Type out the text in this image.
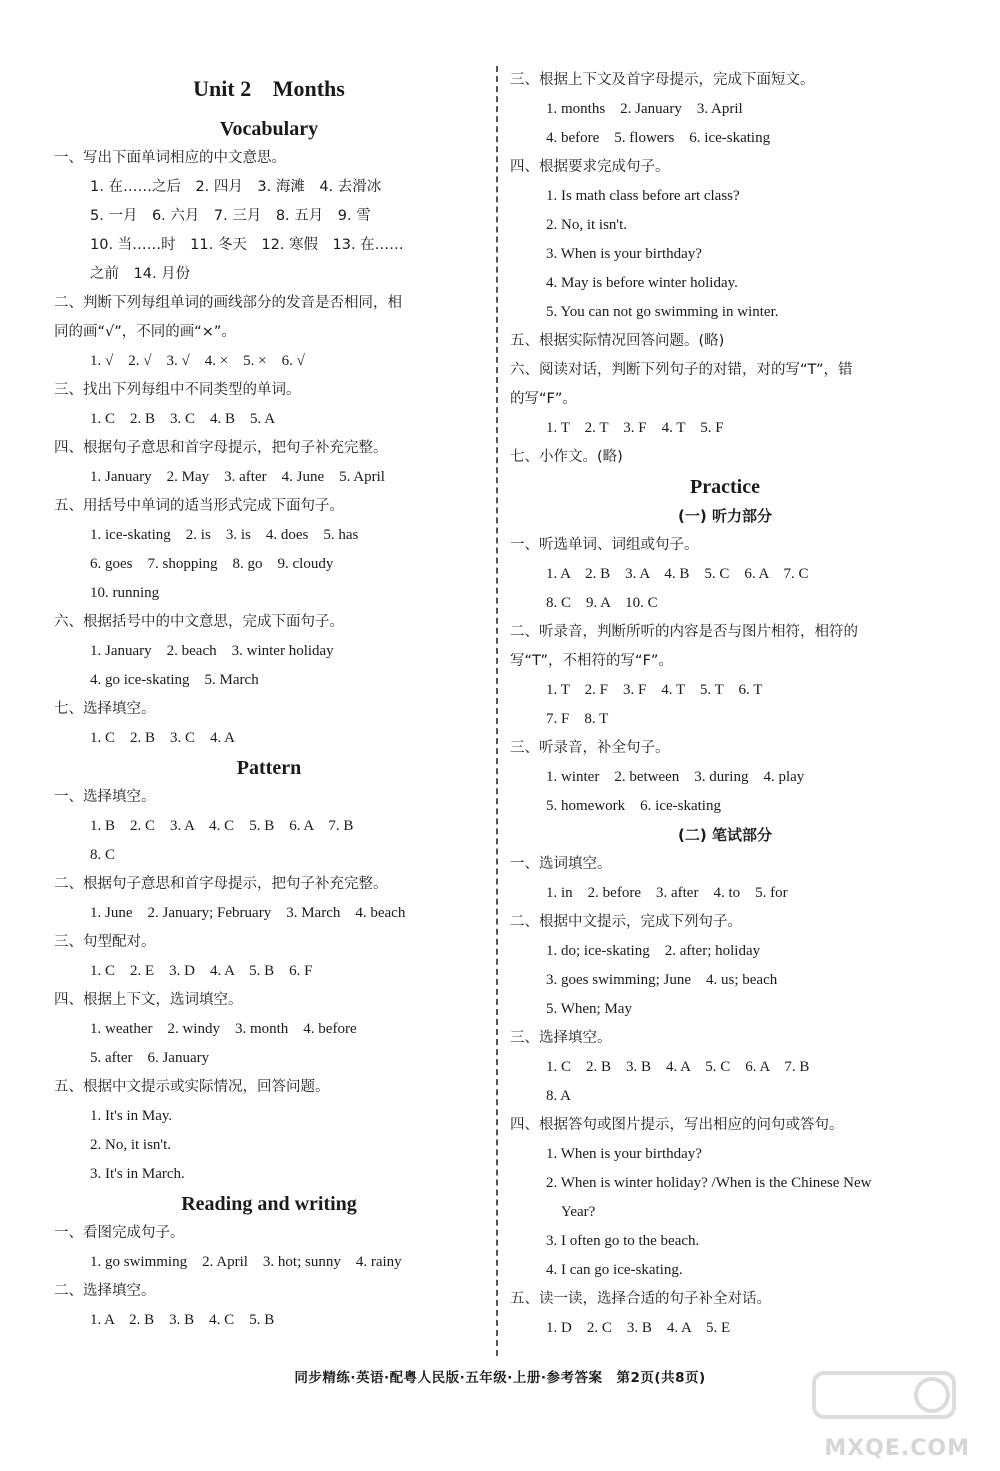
Unit 2 Months
Vocabulary
一、写出下面单词相应的中文意思。
1. 在……之后　2. 四月　3. 海滩　4. 去滑冰
5. 一月　6. 六月　7. 三月　8. 五月　9. 雪
10. 当……时　11. 冬天　12. 寒假　13. 在……
之前　14. 月份
二、判断下列每组单词的画线部分的发音是否相同，相
同的画“√”，不同的画“×”。
1. √　2. √　3. √　4. ×　5. ×　6. √
三、找出下列每组中不同类型的单词。
1. C　2. B　3. C　4. B　5. A
四、根据句子意思和首字母提示，把句子补充完整。
1. January　2. May　3. after　4. June　5. April
五、用括号中单词的适当形式完成下面句子。
1. ice-skating　2. is　3. is　4. does　5. has
6. goes　7. shopping　8. go　9. cloudy
10. running
六、根据括号中的中文意思，完成下面句子。
1. January　2. beach　3. winter holiday
4. go ice-skating　5. March
七、选择填空。
1. C　2. B　3. C　4. A
Pattern
一、选择填空。
1. B　2. C　3. A　4. C　5. B　6. A　7. B
8. C
二、根据句子意思和首字母提示，把句子补充完整。
1. June　2. January; February　3. March　4. beach
三、句型配对。
1. C　2. E　3. D　4. A　5. B　6. F
四、根据上下文，选词填空。
1. weather　2. windy　3. month　4. before
5. after　6. January
五、根据中文提示或实际情况，回答问题。
1. It's in May.
2. No, it isn't.
3. It's in March.
Reading and writing
一、看图完成句子。
1. go swimming　2. April　3. hot; sunny　4. rainy
二、选择填空。
1. A　2. B　3. B　4. C　5. B
三、根据上下文及首字母提示，完成下面短文。
1. months　2. January　3. April
4. before　5. flowers　6. ice-skating
四、根据要求完成句子。
1. Is math class before art class?
2. No, it isn't.
3. When is your birthday?
4. May is before winter holiday.
5. You can not go swimming in winter.
五、根据实际情况回答问题。(略)
六、阅读对话，判断下列句子的对错，对的写“T”，错
的写“F”。
1. T　2. T　3. F　4. T　5. F
七、小作文。(略)
Practice
(一) 听力部分
一、听选单词、词组或句子。
1. A　2. B　3. A　4. B　5. C　6. A　7. C
8. C　9. A　10. C
二、听录音，判断所听的内容是否与图片相符，相符的
写“T”，不相符的写“F”。
1. T　2. F　3. F　4. T　5. T　6. T
7. F　8. T
三、听录音，补全句子。
1. winter　2. between　3. during　4. play
5. homework　6. ice-skating
(二) 笔试部分
一、选词填空。
1. in　2. before　3. after　4. to　5. for
二、根据中文提示，完成下列句子。
1. do; ice-skating　2. after; holiday
3. goes swimming; June　4. us; beach
5. When; May
三、选择填空。
1. C　2. B　3. B　4. A　5. C　6. A　7. B
8. A
四、根据答句或图片提示，写出相应的问句或答句。
1. When is your birthday?
2. When is winter holiday? /When is the Chinese New
　Year?
3. I often go to the beach.
4. I can go ice-skating.
五、读一读，选择合适的句子补全对话。
1. D　2. C　3. B　4. A　5. E
同步精练·英语·配粤人民版·五年级·上册·参考答案　第2页(共8页)
MXQE.COM
